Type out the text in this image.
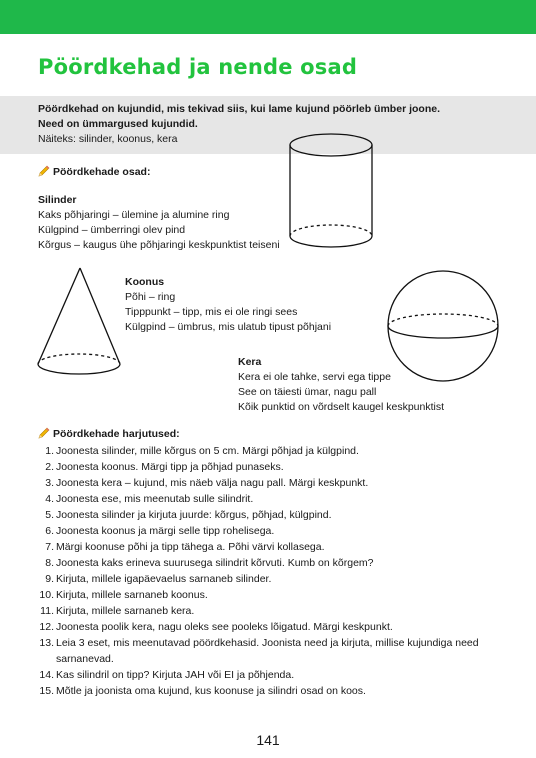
Pöördkehad ja nende osad
Pöördkehad on kujundid, mis tekivad siis, kui lame kujund pöörleb ümber joone.
Need on ümmargused kujundid.
Näiteks: silinder, koonus, kera
Pöördkehade osad:
Silinder
Kaks põhjaringi – ülemine ja alumine ring
Külgpind – ümberringi olev pind
Kõrgus – kaugus ühe põhjaringi keskpunktist teiseni
Koonus
Põhi – ring
Tipppunkt – tipp, mis ei ole ringi sees
Külgpind – ümbrus, mis ulatub tipust põhjani
Kera
Kera ei ole tahke, servi ega tippe
See on täiesti ümar, nagu pall
Kõik punktid on võrdselt kaugel keskpunktist
Pöördkehade harjutused:
1. Joonesta silinder, mille kõrgus on 5 cm. Märgi põhjad ja külgpind.
2. Joonesta koonus. Märgi tipp ja põhjad punaseks.
3. Joonesta kera – kujund, mis näeb välja nagu pall. Märgi keskpunkt.
4. Joonesta ese, mis meenutab sulle silindrit.
5. Joonesta silinder ja kirjuta juurde: kõrgus, põhjad, külgpind.
6. Joonesta koonus ja märgi selle tipp rohelisega.
7. Märgi koonuse põhi ja tipp tähega a. Põhi värvi kollasega.
8. Joonesta kaks erineva suurusega silindrit kõrvuti. Kumb on kõrgem?
9. Kirjuta, millele igapäevaelus sarnaneb silinder.
10. Kirjuta, millele sarnaneb koonus.
11. Kirjuta, millele sarnaneb kera.
12. Joonesta poolik kera, nagu oleks see pooleks lõigatud. Märgi keskpunkt.
13. Leia 3 eset, mis meenutavad pöördkehasid. Joonista need ja kirjuta, millise kujundiga need sarnanevad.
14. Kas silindril on tipp? Kirjuta JAH või EI ja põhjenda.
15. Mõtle ja joonista oma kujund, kus koonuse ja silindri osad on koos.
141
